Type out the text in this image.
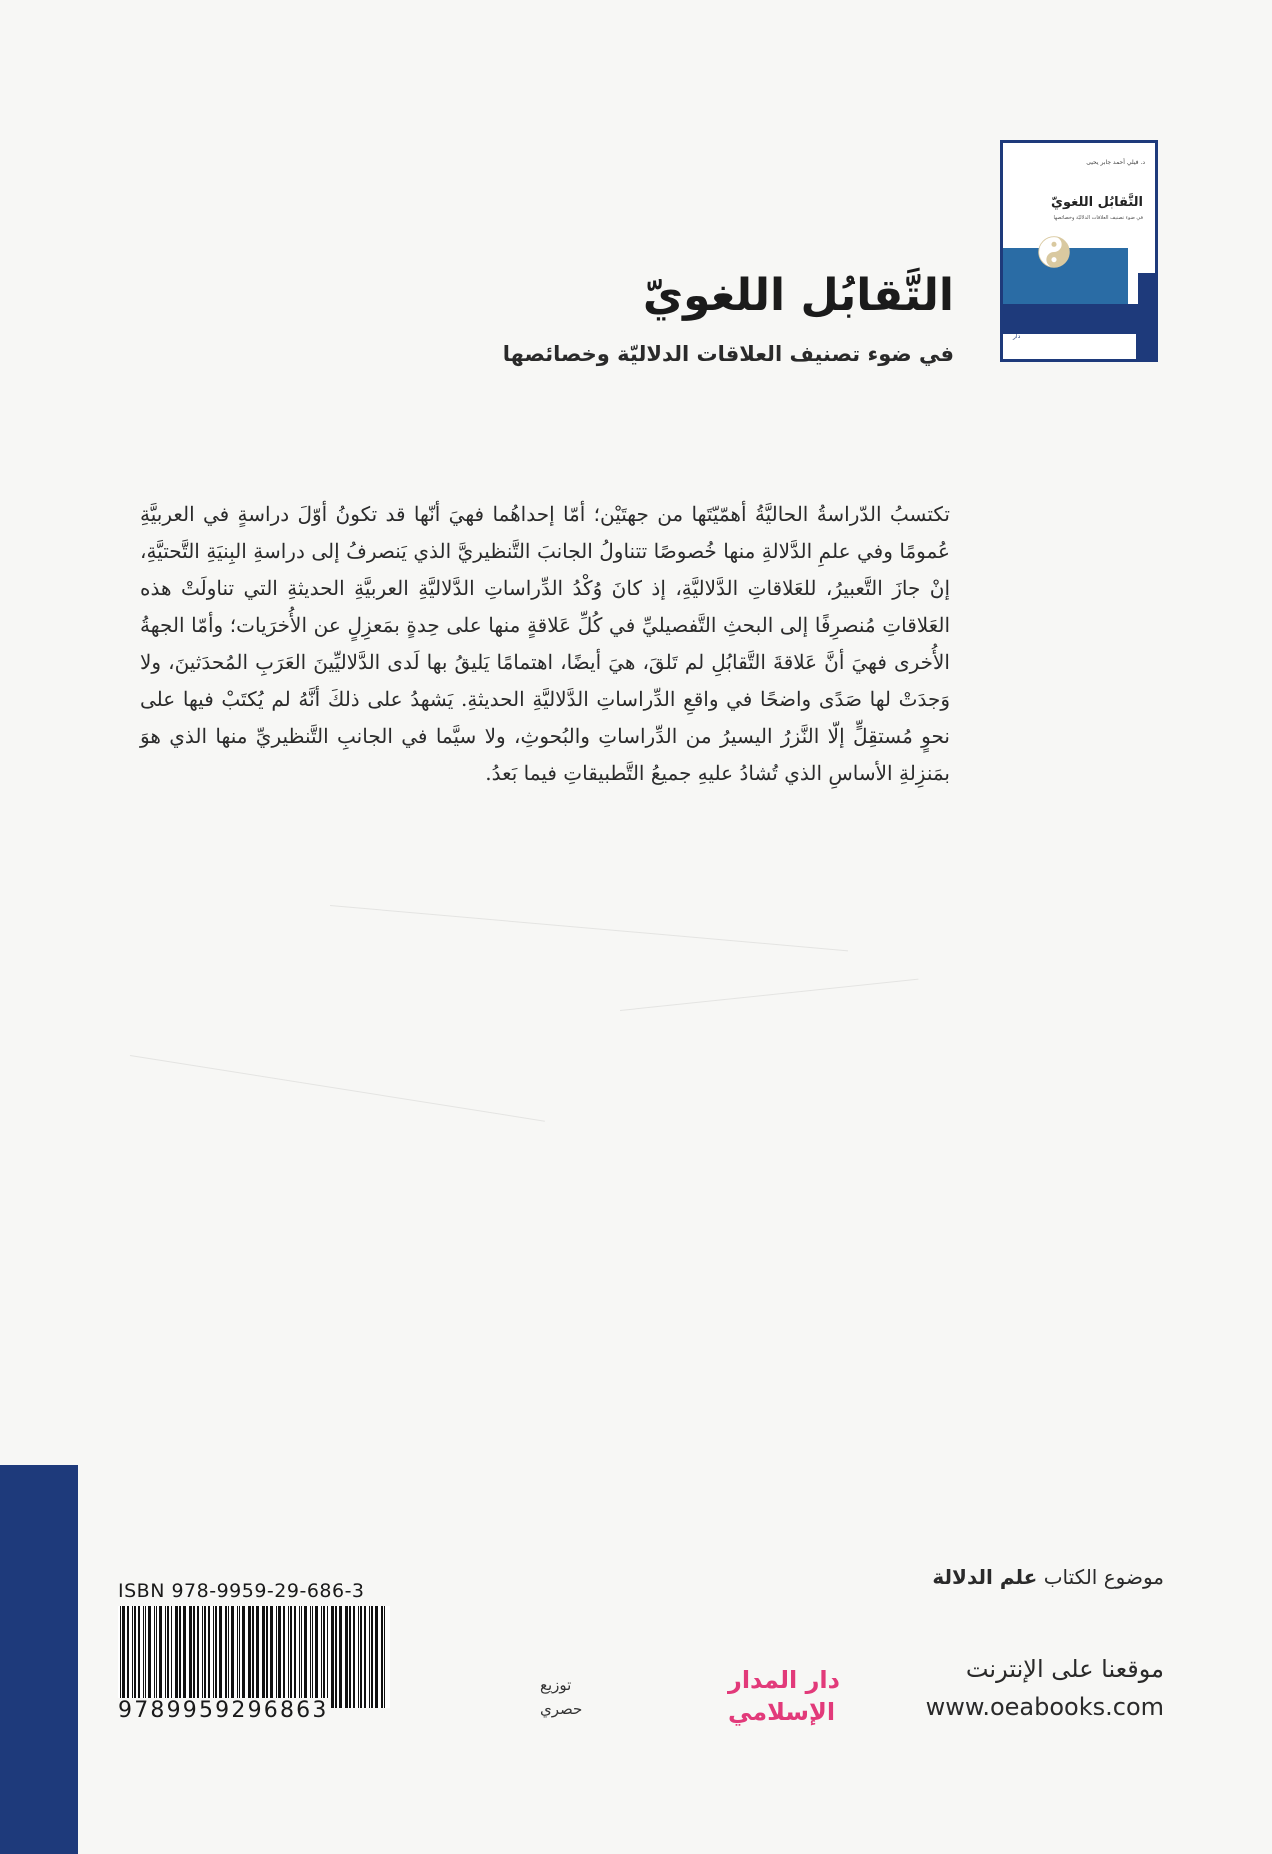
د. فيلي أحمد جابر يحيى
التَّقابُل اللغويّ
في ضوء تصنيف العلاقات الدلاليّة وخصائصها
دار
التَّقابُل اللغويّ
في ضوء تصنيف العلاقات الدلاليّة وخصائصها

تكتسبُ الدّراسةُ الحاليَّةُ أهمّيّتَها من جهتَيْن؛ أمّا إحداهُما فهيَ أنّها قد تكونُ أوّلَ دراسةٍ في العربيَّةِ عُمومًا وفي علمِ الدَّلالةِ منها خُصوصًا تتناولُ الجانبَ التَّنظيريَّ الذي يَنصرفُ إلى دراسةِ البِنيَةِ التَّحتيَّةِ، إنْ جازَ التَّعبيرُ، للعَلاقاتِ الدَّلاليَّةِ، إذ كانَ وُكْدُ الدِّراساتِ الدَّلاليَّةِ العربيَّةِ الحديثةِ التي تناولَتْ هذه العَلاقاتِ مُنصرِفًا إلى البحثِ التَّفصيليِّ في كُلِّ عَلاقةٍ منها على حِدةٍ بمَعزِلٍ عن الأُخرَيات؛ وأمّا الجهةُ الأُخرى فهيَ أنَّ عَلاقةَ التَّقابُلِ لم تَلقَ، هيَ أيضًا، اهتمامًا يَليقُ بها لَدى الدَّلاليِّينَ العَرَبِ المُحدَثينَ، ولا وَجدَتْ لها صَدًى واضحًا في واقعِ الدِّراساتِ الدَّلاليَّةِ الحديثةِ. يَشهدُ على ذلكَ أنَّهُ لم يُكتَبْ فيها على نحوٍ مُستقِلٍّ إلّا النَّزرُ اليسيرُ من الدِّراساتِ والبُحوثِ، ولا سيَّما في الجانبِ التَّنظيريِّ منها الذي هوَ بمَنزِلةِ الأساسِ الذي تُشادُ عليهِ جميعُ التَّطبيقاتِ فيما بَعدُ.

ISBN 978-9959-29-686-3
9789959296863
دار المدار
الإسلامي
توزيع
حصري

موضوع الكتاب علم الدلالة

موقعنا على الإنترنت

www.oeabooks.com
